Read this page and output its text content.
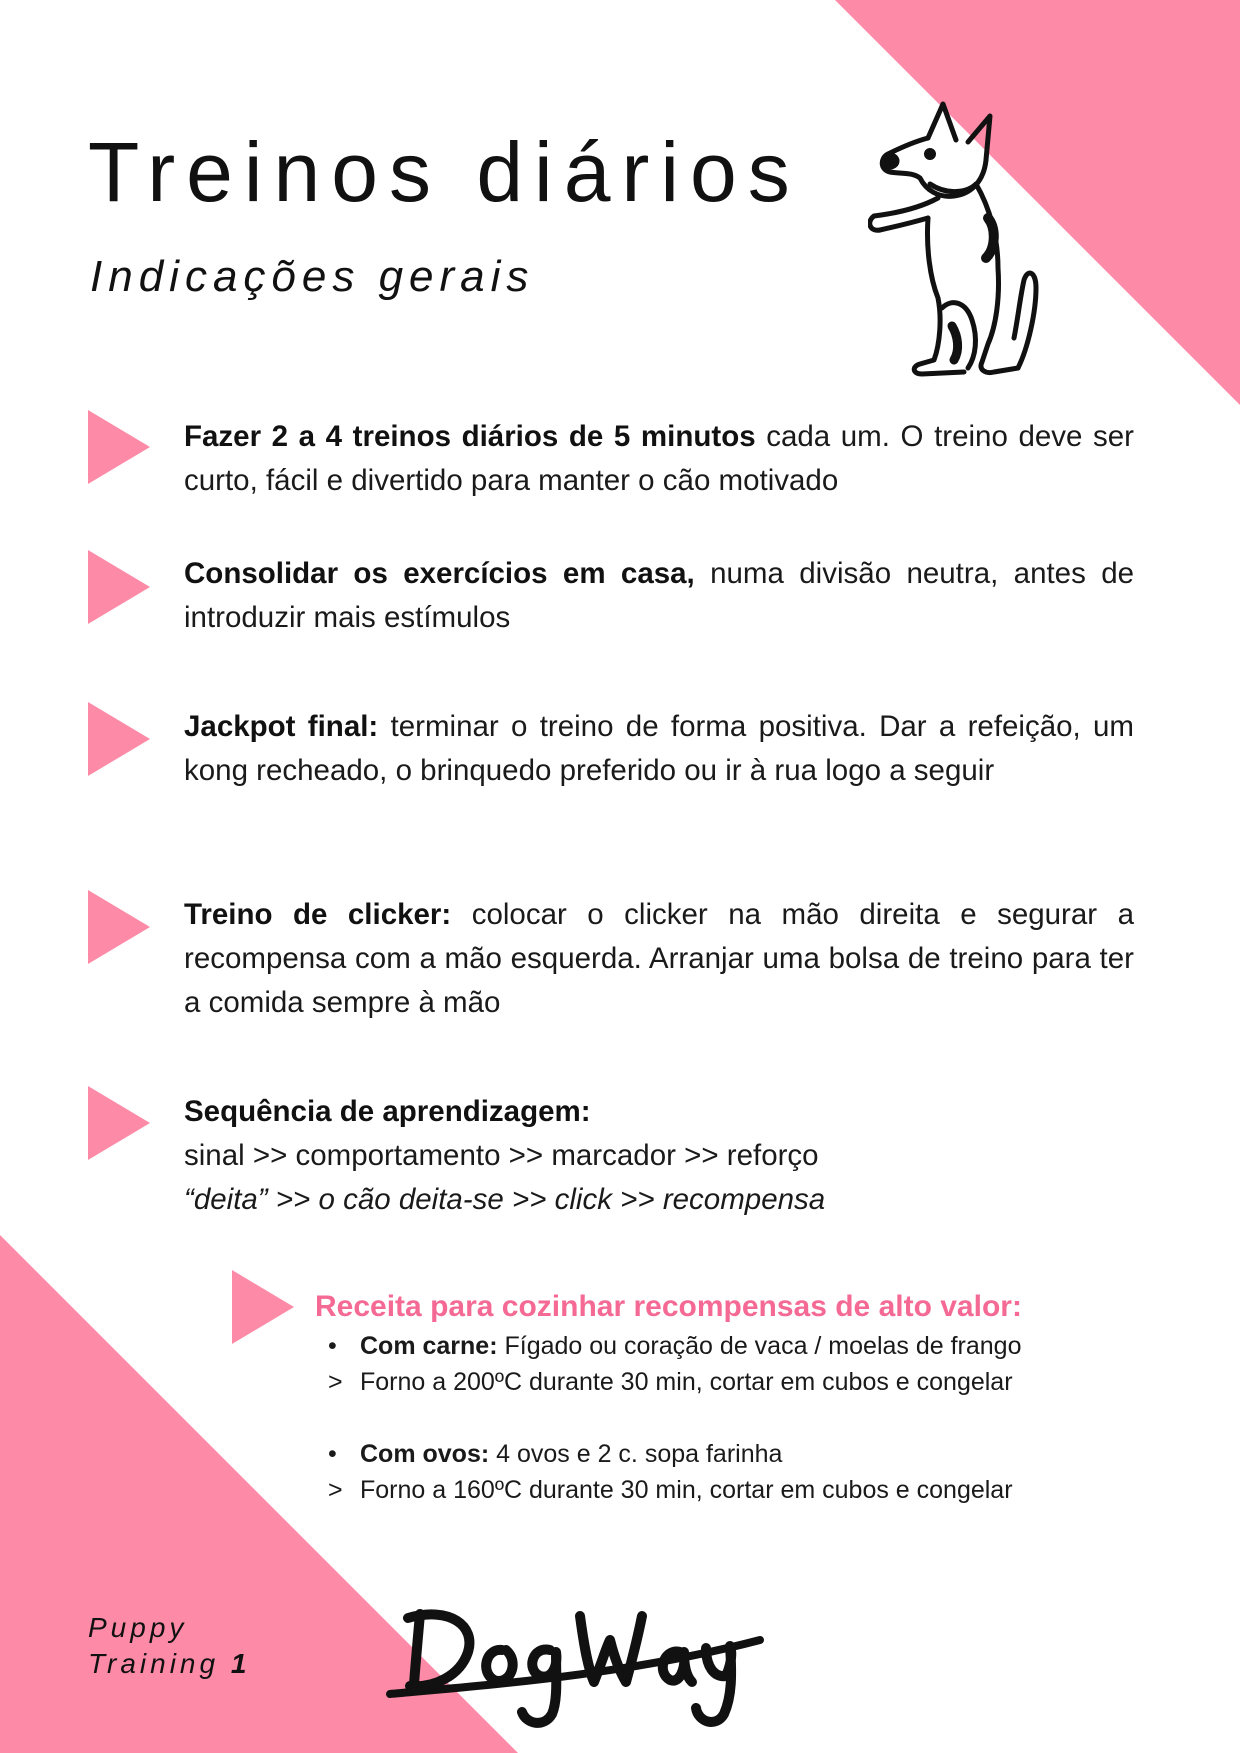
Treinos diários
Indicações gerais
Fazer 2 a 4 treinos diários de 5 minutos cada um. O treino deve ser curto, fácil e divertido para manter o cão motivado
Consolidar os exercícios em casa, numa divisão neutra, antes de introduzir mais estímulos
Jackpot final: terminar o treino de forma positiva. Dar a refeição, um kong recheado, o brinquedo preferido ou ir à rua logo a seguir
Treino de clicker: colocar o clicker na mão direita e segurar a recompensa com a mão esquerda. Arranjar uma bolsa de treino para ter a comida sempre à mão
Sequência de aprendizagem:
sinal >> comportamento >> marcador >> reforço
“deita” >> o cão deita-se >> click >> recompensa
Receita para cozinhar recompensas de alto valor:
• Com carne: Fígado ou coração de vaca / moelas de frango
> Forno a 200ºC durante 30 min, cortar em cubos e congelar
• Com ovos: 4 ovos e 2 c. sopa farinha
> Forno a 160ºC durante 30 min, cortar em cubos e congelar
Puppy
Training 1
